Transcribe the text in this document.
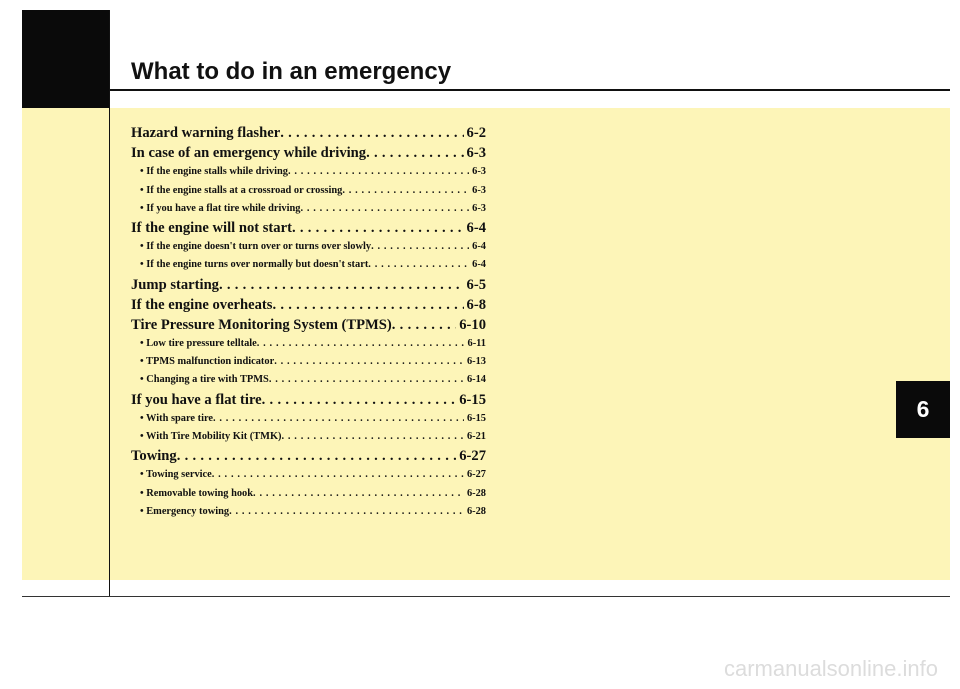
What to do in an emergency
Hazard warning flasher . . .	6-2
In case of an emergency while driving . . .	6-3
• If the engine stalls while driving . . .	6-3
• If the engine stalls at a crossroad or crossing . . .	6-3
• If you have a flat tire while driving . . .	6-3
If the engine will not start . . .	6-4
• If the engine doesn't turn over or turns over slowly . . .	6-4
• If the engine turns over normally but doesn't start . . .	6-4
Jump starting . . .	6-5
If the engine overheats . . .	6-8
Tire Pressure Monitoring System (TPMS) . . .	6-10
• Low tire pressure telltale . . .	6-11
• TPMS malfunction indicator . . .	6-13
• Changing a tire with TPMS . . .	6-14
If you have a flat tire . . .	6-15
• With spare tire . . .	6-15
• With Tire Mobility Kit (TMK) . . .	6-21
Towing . . .	6-27
• Towing service . . .	6-27
• Removable towing hook . . .	6-28
• Emergency towing . . .	6-28
6
carmanualsonline.info
